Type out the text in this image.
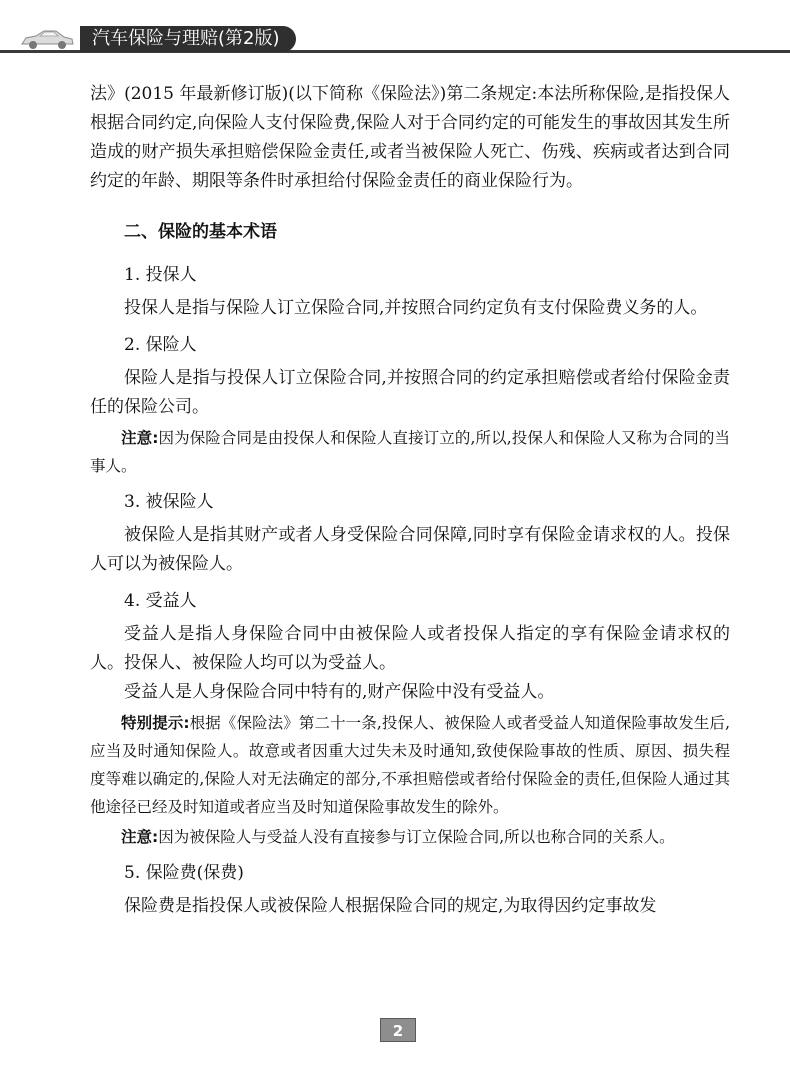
汽车保险与理赔(第2版)

法》(2015 年最新修订版)(以下简称《保险法》)第二条规定:本法所称保险,是指投保人根据合同约定,向保险人支付保险费,保险人对于合同约定的可能发生的事故因其发生所造成的财产损失承担赔偿保险金责任,或者当被保险人死亡、伤残、疾病或者达到合同约定的年龄、期限等条件时承担给付保险金责任的商业保险行为。

二、保险的基本术语
1. 投保人

投保人是指与保险人订立保险合同,并按照合同约定负有支付保险费义务的人。

2. 保险人

保险人是指与投保人订立保险合同,并按照合同的约定承担赔偿或者给付保险金责任的保险公司。

注意:因为保险合同是由投保人和保险人直接订立的,所以,投保人和保险人又称为合同的当事人。

3. 被保险人

被保险人是指其财产或者人身受保险合同保障,同时享有保险金请求权的人。投保人可以为被保险人。

4. 受益人

受益人是指人身保险合同中由被保险人或者投保人指定的享有保险金请求权的人。投保人、被保险人均可以为受益人。

受益人是人身保险合同中特有的,财产保险中没有受益人。

特别提示:根据《保险法》第二十一条,投保人、被保险人或者受益人知道保险事故发生后,应当及时通知保险人。故意或者因重大过失未及时通知,致使保险事故的性质、原因、损失程度等难以确定的,保险人对无法确定的部分,不承担赔偿或者给付保险金的责任,但保险人通过其他途径已经及时知道或者应当及时知道保险事故发生的除外。

注意:因为被保险人与受益人没有直接参与订立保险合同,所以也称合同的关系人。

5. 保险费(保费)

保险费是指投保人或被保险人根据保险合同的规定,为取得因约定事故发

2
